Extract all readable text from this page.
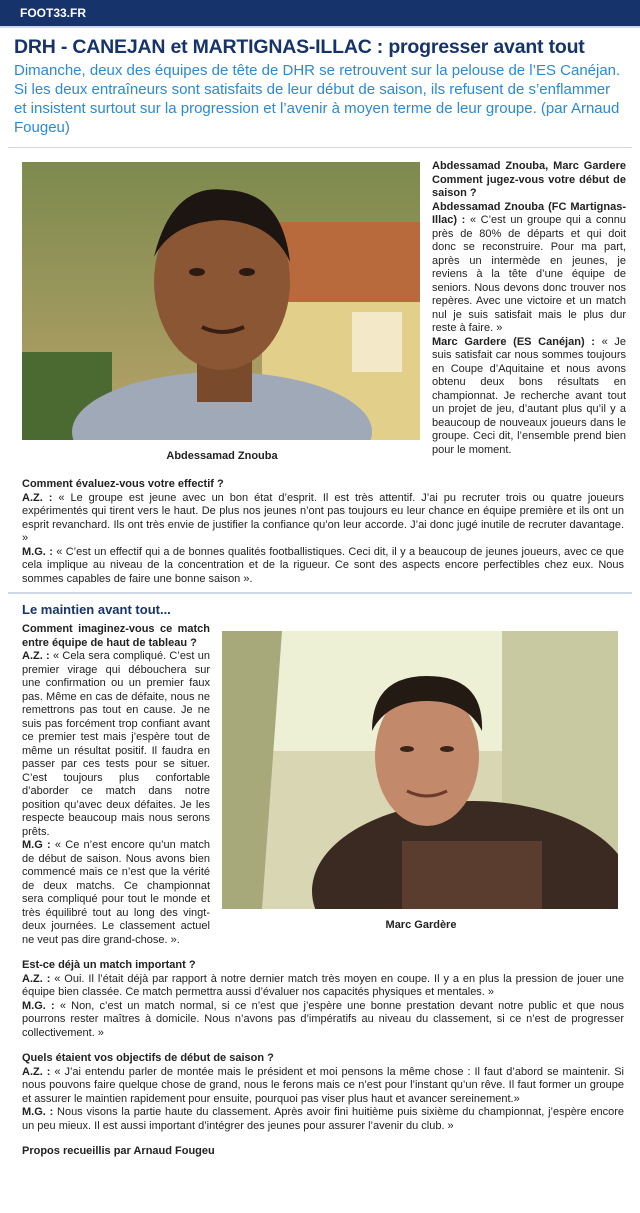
FOOT33.FR
DRH - CANEJAN et MARTIGNAS-ILLAC : progresser avant tout
Dimanche, deux des équipes de tête de DHR se retrouvent sur la pelouse de l’ES Canéjan. Si les deux entraîneurs sont satisfaits de leur début de saison, ils refusent de s’enflammer et insistent surtout sur la progression et l’avenir à moyen terme de leur groupe. (par Arnaud Fougeu)
Abdessamad Znouba
Abdessamad Znouba, Marc Gardere Comment jugez-vous votre début de saison ?
Abdessamad Znouba (FC Martignas-Illac) : « C’est un groupe qui a connu près de 80% de départs et qui doit donc se reconstruire. Pour ma part, après un intermède en jeunes, je reviens à la tête d’une équipe de seniors. Nous devons donc trouver nos repères. Avec une victoire et un match nul je suis satisfait mais le plus dur reste à faire. »
Marc Gardere (ES Canéjan) : « Je suis satisfait car nous sommes toujours en Coupe d’Aquitaine et nous avons obtenu deux bons résultats en championnat. Je recherche avant tout un projet de jeu, d’autant plus qu’il y a beaucoup de nouveaux joueurs dans le groupe. Ceci dit, l’ensemble prend bien pour le moment.
Comment évaluez-vous votre effectif ?
A.Z. : « Le groupe est jeune avec un bon état d’esprit. Il est très attentif. J’ai pu recruter trois ou quatre joueurs expérimentés qui tirent vers le haut. De plus nos jeunes n’ont pas toujours eu leur chance en équipe première et ils ont un esprit revanchard. Ils ont très envie de justifier la confiance qu’on leur accorde. J’ai donc jugé inutile de recruter davantage. »
M.G. : « C’est un effectif qui a de bonnes qualités footballistiques. Ceci dit, il y a beaucoup de jeunes joueurs, avec ce que cela implique au niveau de la concentration et de la rigueur. Ce sont des aspects encore perfectibles chez eux. Nous sommes capables de faire une bonne saison ».
Le maintien avant tout...
Marc Gardère
Comment imaginez-vous ce match entre équipe de haut de tableau ?
A.Z. : « Cela sera compliqué. C’est un premier virage qui débouchera sur une confirmation ou un premier faux pas. Même en cas de défaite, nous ne remettrons pas tout en cause. Je ne suis pas forcément trop confiant avant ce premier test mais j’espère tout de même un résultat positif. Il faudra en passer par ces tests pour se situer. C’est toujours plus confortable d’aborder ce match dans notre position qu’avec deux défaites. Je les respecte beaucoup mais nous serons prêts.
M.G : « Ce n’est encore qu’un match de début de saison. Nous avons bien commencé mais ce n’est que la vérité de deux matchs. Ce championnat sera compliqué pour tout le monde et très équilibré tout au long des vingt-deux journées. Le classement actuel ne veut pas dire grand-chose. ».
Est-ce déjà un match important ?
A.Z. : « Oui. Il l’était déjà par rapport à notre dernier match très moyen en coupe. Il y a en plus la pression de jouer une équipe bien classée. Ce match permettra aussi d’évaluer nos capacités physiques et mentales. »
M.G. : « Non, c’est un match normal, si ce n’est que j’espère une bonne prestation devant notre public et que nous pourrons rester maîtres à domicile. Nous n’avons pas d’impératifs au niveau du classement, si ce n’est de progresser collectivement. »
Quels étaient vos objectifs de début de saison ?
A.Z. : « J’ai entendu parler de montée mais le président et moi pensons la même chose : Il faut d’abord se maintenir. Si nous pouvons faire quelque chose de grand, nous le ferons mais ce n’est pour l’instant qu’un rêve. Il faut former un groupe et assurer le maintien rapidement pour ensuite, pourquoi pas viser plus haut et avancer sereinement.»
M.G. : Nous visons la partie haute du classement. Après avoir fini huitième puis sixième du championnat, j’espère encore un peu mieux. Il est aussi important d’intégrer des jeunes pour assurer l’avenir du club. »
Propos recueillis par Arnaud Fougeu
